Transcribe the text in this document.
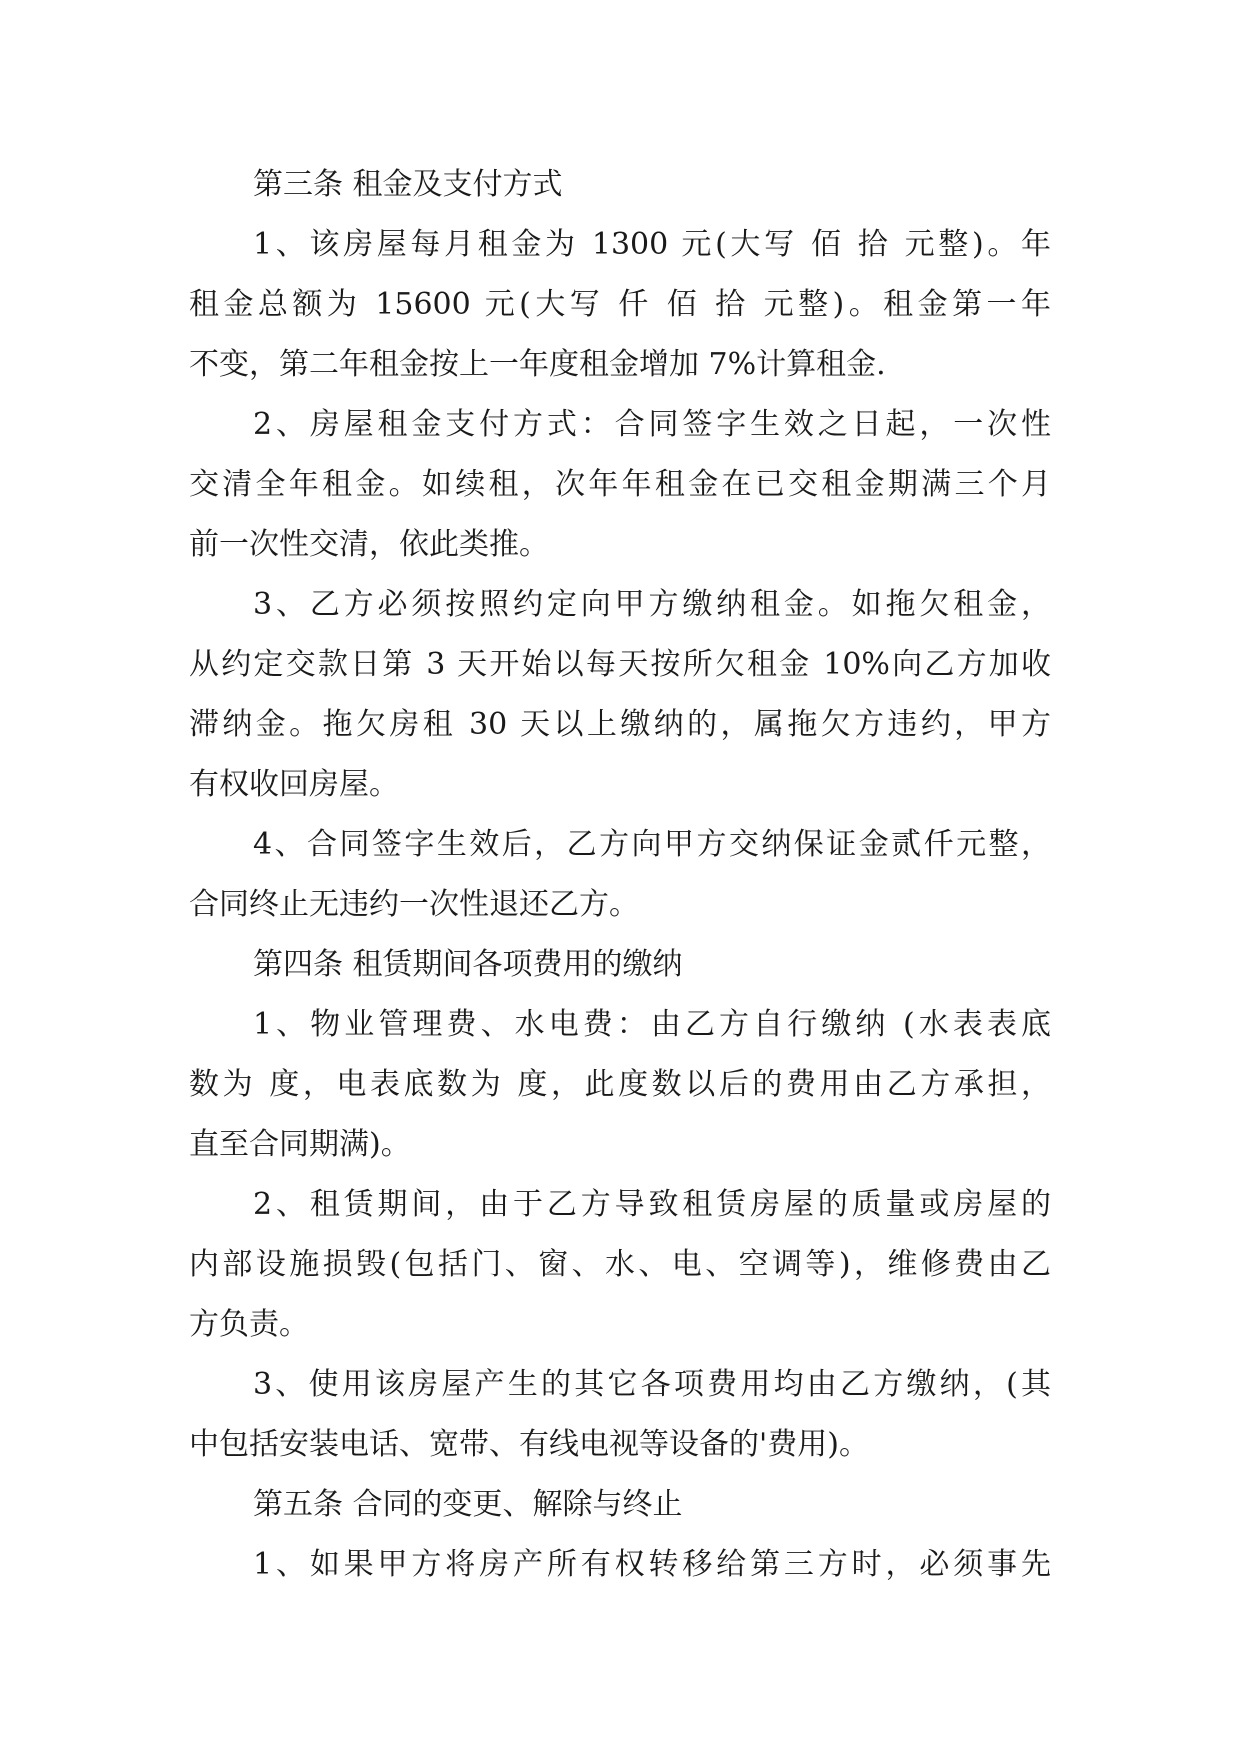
第三条 租金及支付方式
1、该房屋每月租金为 1300 元(大写 佰 拾 元整)。年
租金总额为 15600 元(大写 仟 佰 拾 元整)。租金第一年
不变，第二年租金按上一年度租金增加 7%计算租金.
2、房屋租金支付方式：合同签字生效之日起，一次性
交清全年租金。如续租，次年年租金在已交租金期满三个月
前一次性交清，依此类推。
3、乙方必须按照约定向甲方缴纳租金。如拖欠租金，
从约定交款日第 3 天开始以每天按所欠租金 10%向乙方加收
滞纳金。拖欠房租 30 天以上缴纳的，属拖欠方违约，甲方
有权收回房屋。
4、合同签字生效后，乙方向甲方交纳保证金贰仟元整，
合同终止无违约一次性退还乙方。
第四条 租赁期间各项费用的缴纳
1、物业管理费、水电费：由乙方自行缴纳 (水表表底
数为 度，电表底数为 度，此度数以后的费用由乙方承担，
直至合同期满)。
2、租赁期间，由于乙方导致租赁房屋的质量或房屋的
内部设施损毁(包括门、窗、水、电、空调等)，维修费由乙
方负责。
3、使用该房屋产生的其它各项费用均由乙方缴纳，(其
中包括安装电话、宽带、有线电视等设备的'费用)。
第五条 合同的变更、解除与终止
1、如果甲方将房产所有权转移给第三方时，必须事先
